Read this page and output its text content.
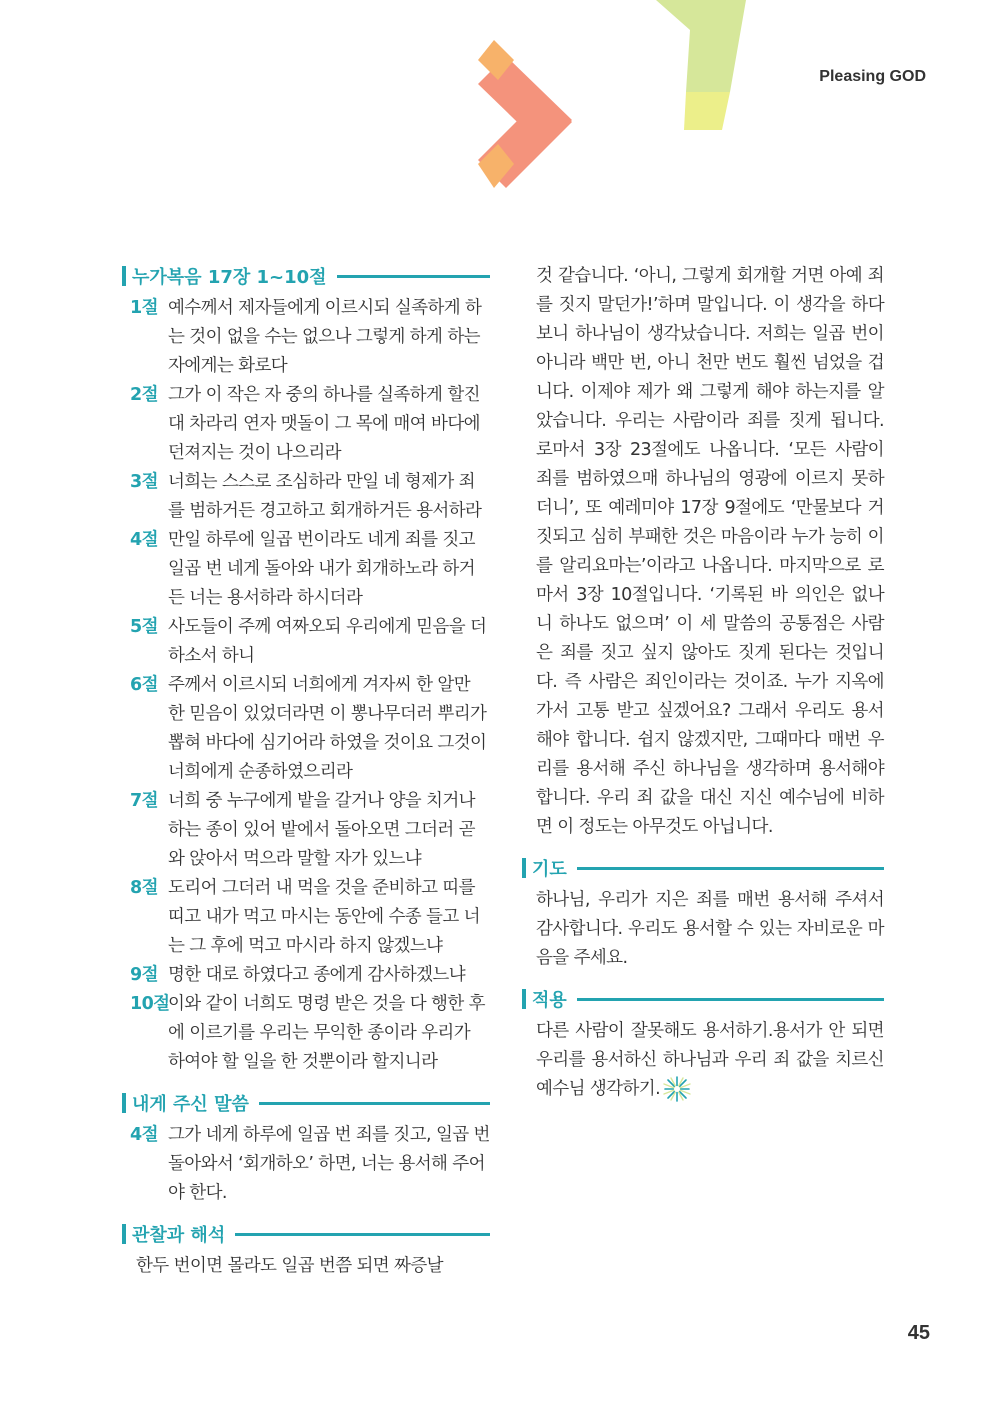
Pleasing GOD
누가복음 17장 1~10절
1절 예수께서 제자들에게 이르시되 실족하게 하는 것이 없을 수는 없으나 그렇게 하게 하는 자에게는 화로다
2절 그가 이 작은 자 중의 하나를 실족하게 할진대 차라리 연자 맷돌이 그 목에 매여 바다에 던져지는 것이 나으리라
3절 너희는 스스로 조심하라 만일 네 형제가 죄를 범하거든 경고하고 회개하거든 용서하라
4절 만일 하루에 일곱 번이라도 네게 죄를 짓고 일곱 번 네게 돌아와 내가 회개하노라 하거든 너는 용서하라 하시더라
5절 사도들이 주께 여짜오되 우리에게 믿음을 더하소서 하니
6절 주께서 이르시되 너희에게 겨자씨 한 알만 한 믿음이 있었더라면 이 뽕나무더러 뿌리가 뽑혀 바다에 심기어라 하였을 것이요 그것이 너희에게 순종하였으리라
7절 너희 중 누구에게 밭을 갈거나 양을 치거나 하는 종이 있어 밭에서 돌아오면 그더러 곧 와 앉아서 먹으라 말할 자가 있느냐
8절 도리어 그더러 내 먹을 것을 준비하고 띠를 띠고 내가 먹고 마시는 동안에 수종 들고 너는 그 후에 먹고 마시라 하지 않겠느냐
9절 명한 대로 하였다고 종에게 감사하겠느냐
10절
이와 같이 너희도 명령 받은 것을 다 행한 후에 이르기를 우리는 무익한 종이라 우리가 하여야 할 일을 한 것뿐이라 할지니라
내게 주신 말씀
4절 그가 네게 하루에 일곱 번 죄를 짓고, 일곱 번 돌아와서 ‘회개하오’ 하면, 너는 용서해 주어야 한다.
관찰과 해석
한두 번이면 몰라도 일곱 번쯤 되면 짜증날
것 같습니다. ‘아니, 그렇게 회개할 거면 아예 죄를 짓지 말던가!’하며 말입니다. 이 생각을 하다 보니 하나님이 생각났습니다. 저희는 일곱 번이 아니라 백만 번, 아니 천만 번도 훨씬 넘었을 겁니다. 이제야 제가 왜 그렇게 해야 하는지를 알았습니다. 우리는 사람이라 죄를 짓게 됩니다. 로마서 3장 23절에도 나옵니다. ‘모든 사람이 죄를 범하였으매 하나님의 영광에 이르지 못하더니’, 또 예레미야 17장 9절에도 ‘만물보다 거짓되고 심히 부패한 것은 마음이라 누가 능히 이를 알리요마는’이라고 나옵니다. 마지막으로 로마서 3장 10절입니다. ‘기록된 바 의인은 없나니 하나도 없으며’ 이 세 말씀의 공통점은 사람은 죄를 짓고 싶지 않아도 짓게 된다는 것입니다. 즉 사람은 죄인이라는 것이죠. 누가 지옥에 가서 고통 받고 싶겠어요? 그래서 우리도 용서해야 합니다. 쉽지 않겠지만, 그때마다 매번 우리를 용서해 주신 하나님을 생각하며 용서해야 합니다. 우리 죄 값을 대신 지신 예수님에 비하면 이 정도는 아무것도 아닙니다.
기도
하나님, 우리가 지은 죄를 매번 용서해 주셔서 감사합니다. 우리도 용서할 수 있는 자비로운 마음을 주세요.
적용
다른 사람이 잘못해도 용서하기.용서가 안 되면 우리를 용서하신 하나님과 우리 죄 값을 치르신 예수님 생각하기.
45
